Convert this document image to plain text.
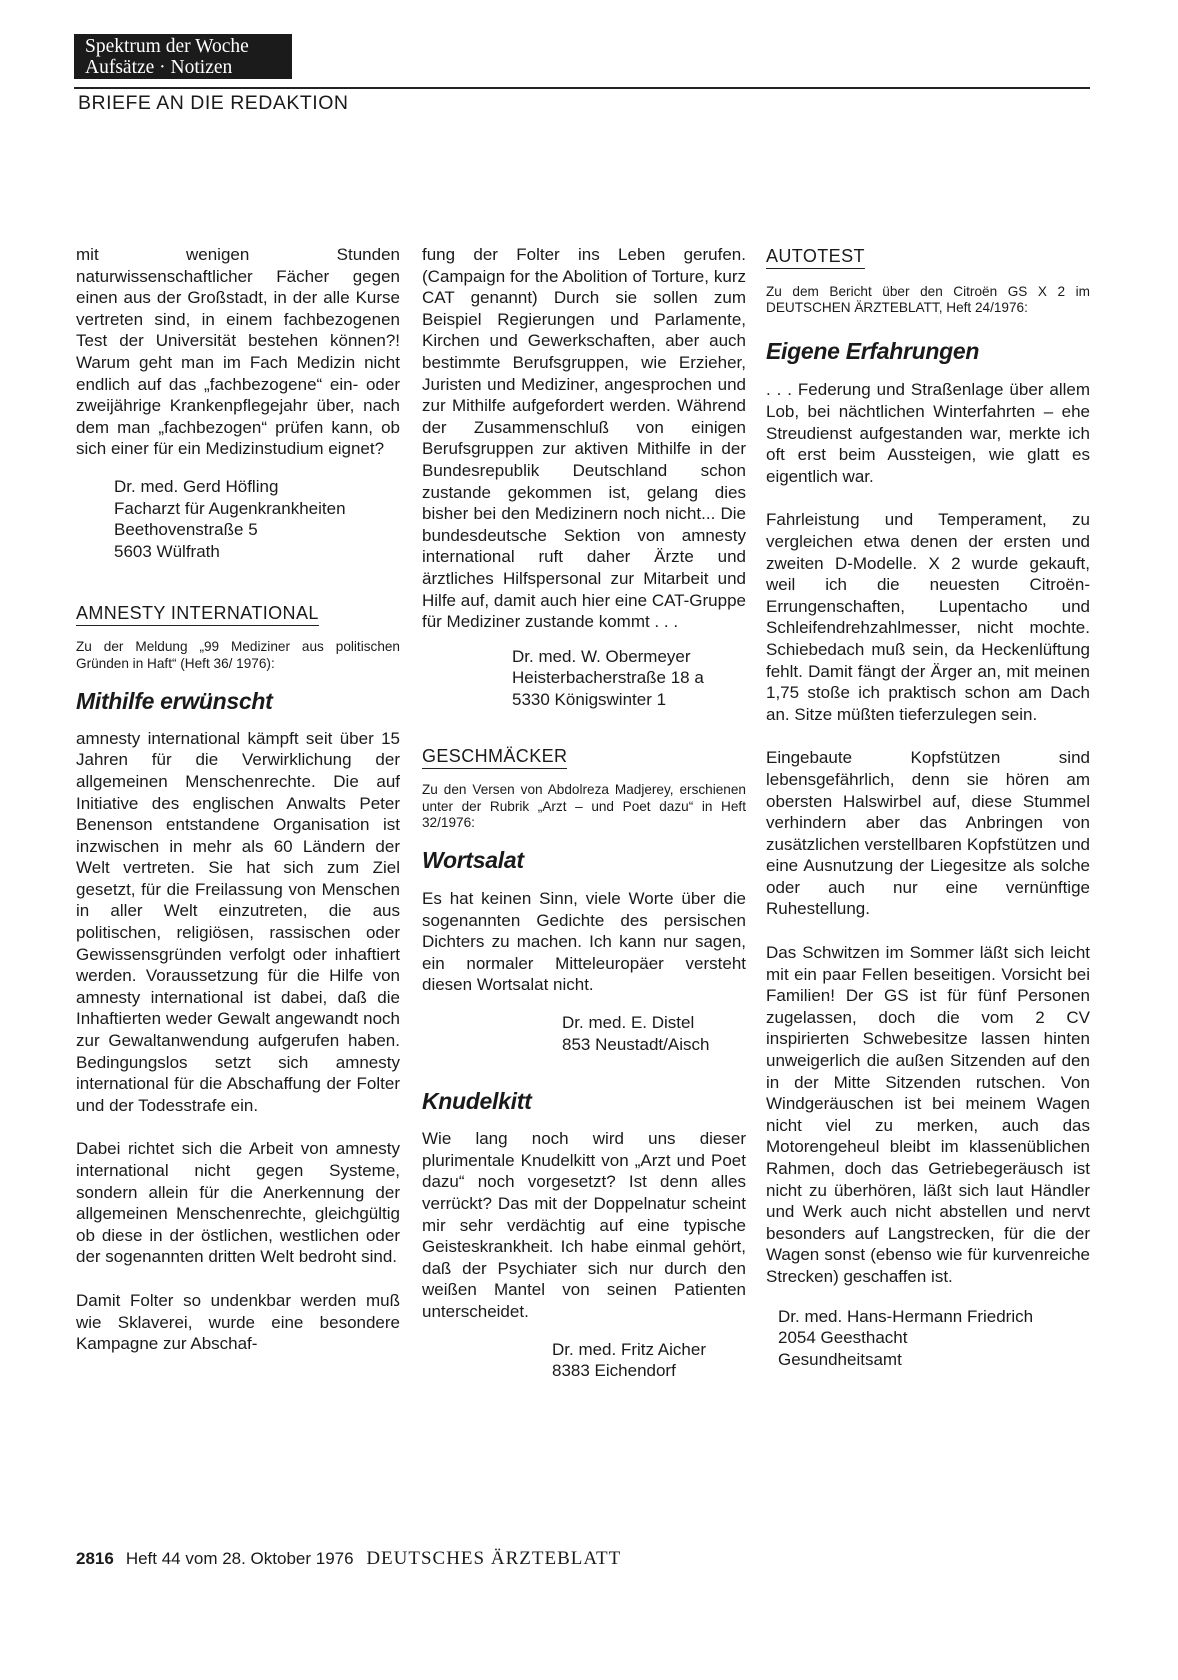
Spektrum der Woche
Aufsätze · Notizen
BRIEFE AN DIE REDAKTION

mit wenigen Stunden naturwissenschaftlicher Fächer gegen einen aus der Großstadt, in der alle Kurse vertreten sind, in einem fachbezogenen Test der Universität bestehen können?! Warum geht man im Fach Medizin nicht endlich auf das „fachbezogene“ ein- oder zweijährige Krankenpflegejahr über, nach dem man „fachbezogen“ prüfen kann, ob sich einer für ein Medizinstudium eignet?

Dr. med. Gerd Höfling
Facharzt für Augenkrankheiten
Beethovenstraße 5
5603 Wülfrath
AMNESTY INTERNATIONAL

Zu der Meldung „99 Mediziner aus politischen Gründen in Haft“ (Heft 36/ 1976):

Mithilfe erwünscht

amnesty international kämpft seit über 15 Jahren für die Verwirklichung der allgemeinen Menschenrechte. Die auf Initiative des englischen Anwalts Peter Benenson entstandene Organisation ist inzwischen in mehr als 60 Ländern der Welt vertreten. Sie hat sich zum Ziel gesetzt, für die Freilassung von Menschen in aller Welt einzutreten, die aus politischen, religiösen, rassischen oder Gewissensgründen verfolgt oder inhaftiert werden. Voraussetzung für die Hilfe von amnesty international ist dabei, daß die Inhaftierten weder Gewalt angewandt noch zur Gewaltanwendung aufgerufen haben. Bedingungslos setzt sich amnesty international für die Abschaffung der Folter und der Todesstrafe ein.

Dabei richtet sich die Arbeit von amnesty international nicht gegen Systeme, sondern allein für die Anerkennung der allgemeinen Menschenrechte, gleichgültig ob diese in der östlichen, westlichen oder der sogenannten dritten Welt bedroht sind.

Damit Folter so undenkbar werden muß wie Sklaverei, wurde eine besondere Kampagne zur Abschaf-

fung der Folter ins Leben gerufen. (Campaign for the Abolition of Torture, kurz CAT genannt) Durch sie sollen zum Beispiel Regierungen und Parlamente, Kirchen und Gewerkschaften, aber auch bestimmte Berufsgruppen, wie Erzieher, Juristen und Mediziner, angesprochen und zur Mithilfe aufgefordert werden. Während der Zusammenschluß von einigen Berufsgruppen zur aktiven Mithilfe in der Bundesrepublik Deutschland schon zustande gekommen ist, gelang dies bisher bei den Medizinern noch nicht... Die bundesdeutsche Sektion von amnesty international ruft daher Ärzte und ärztliches Hilfspersonal zur Mitarbeit und Hilfe auf, damit auch hier eine CAT-Gruppe für Mediziner zustande kommt . . .

Dr. med. W. Obermeyer
Heisterbacherstraße 18 a
5330 Königswinter 1
GESCHMÄCKER

Zu den Versen von Abdolreza Madjerey, erschienen unter der Rubrik „Arzt – und Poet dazu“ in Heft 32/1976:

Wortsalat

Es hat keinen Sinn, viele Worte über die sogenannten Gedichte des persischen Dichters zu machen. Ich kann nur sagen, ein normaler Mitteleuropäer versteht diesen Wortsalat nicht.

Dr. med. E. Distel
853 Neustadt/Aisch
Knudelkitt

Wie lang noch wird uns dieser plurimentale Knudelkitt von „Arzt und Poet dazu“ noch vorgesetzt? Ist denn alles verrückt? Das mit der Doppelnatur scheint mir sehr verdächtig auf eine typische Geisteskrankheit. Ich habe einmal gehört, daß der Psychiater sich nur durch den weißen Mantel von seinen Patienten unterscheidet.

Dr. med. Fritz Aicher
8383 Eichendorf
AUTOTEST

Zu dem Bericht über den Citroën GS X 2 im DEUTSCHEN ÄRZTEBLATT, Heft 24/1976:

Eigene Erfahrungen

. . . Federung und Straßenlage über allem Lob, bei nächtlichen Winterfahrten – ehe Streudienst aufgestanden war, merkte ich oft erst beim Aussteigen, wie glatt es eigentlich war.

Fahrleistung und Temperament, zu vergleichen etwa denen der ersten und zweiten D-Modelle. X 2 wurde gekauft, weil ich die neuesten Citroën-Errungenschaften, Lupentacho und Schleifendrehzahlmesser, nicht mochte. Schiebedach muß sein, da Heckenlüftung fehlt. Damit fängt der Ärger an, mit meinen 1,75 stoße ich praktisch schon am Dach an. Sitze müßten tieferzulegen sein.

Eingebaute Kopfstützen sind lebensgefährlich, denn sie hören am obersten Halswirbel auf, diese Stummel verhindern aber das Anbringen von zusätzlichen verstellbaren Kopfstützen und eine Ausnutzung der Liegesitze als solche oder auch nur eine vernünftige Ruhestellung.

Das Schwitzen im Sommer läßt sich leicht mit ein paar Fellen beseitigen. Vorsicht bei Familien! Der GS ist für fünf Personen zugelassen, doch die vom 2 CV inspirierten Schwebesitze lassen hinten unweigerlich die außen Sitzenden auf den in der Mitte Sitzenden rutschen. Von Windgeräuschen ist bei meinem Wagen nicht viel zu merken, auch das Motorengeheul bleibt im klassenüblichen Rahmen, doch das Getriebegeräusch ist nicht zu überhören, läßt sich laut Händler und Werk auch nicht abstellen und nervt besonders auf Langstrecken, für die der Wagen sonst (ebenso wie für kurvenreiche Strecken) geschaffen ist.

Dr. med. Hans-Hermann Friedrich
2054 Geesthacht
Gesundheitsamt
2816 Heft 44 vom 28. Oktober 1976 DEUTSCHES ÄRZTEBLATT
